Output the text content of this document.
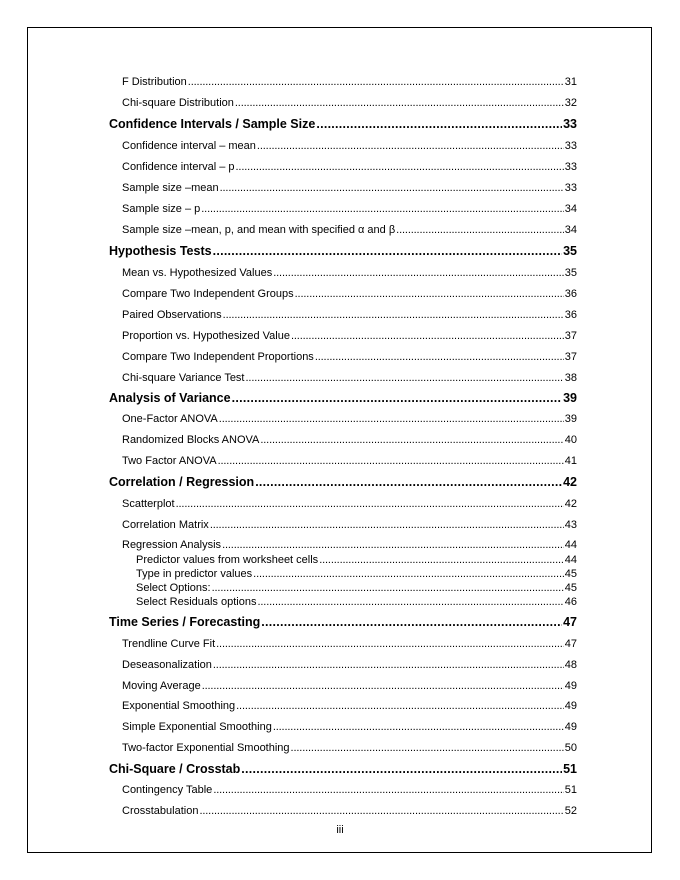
F Distribution . . .	31
Chi-square Distribution . . .	32
Confidence Intervals / Sample Size . . .	33
Confidence interval – mean . . .	33
Confidence interval – p . . .	33
Sample size –mean . . .	33
Sample size – p . . .	34
Sample size –mean, p, and mean with specified α and β . . .	34
Hypothesis Tests . . .	35
Mean vs. Hypothesized Values . . .	35
Compare Two Independent Groups . . .	36
Paired Observations . . .	36
Proportion vs. Hypothesized Value . . .	37
Compare Two Independent Proportions . . .	37
Chi-square Variance Test . . .	38
Analysis of Variance . . .	39
One-Factor ANOVA . . .	39
Randomized Blocks ANOVA . . .	40
Two Factor ANOVA . . .	41
Correlation / Regression . . .	42
Scatterplot . . .	42
Correlation Matrix . . .	43
Regression Analysis . . .	44
Predictor values from worksheet cells . . .	44
Type in predictor values . . .	45
Select Options: . . .	45
Select Residuals options . . .	46
Time Series / Forecasting . . .	47
Trendline Curve Fit . . .	47
Deseasonalization . . .	48
Moving Average . . .	49
Exponential Smoothing . . .	49
Simple Exponential Smoothing . . .	49
Two-factor Exponential Smoothing . . .	50
Chi-Square / Crosstab . . .	51
Contingency Table . . .	51
Crosstabulation . . .	52
iii
